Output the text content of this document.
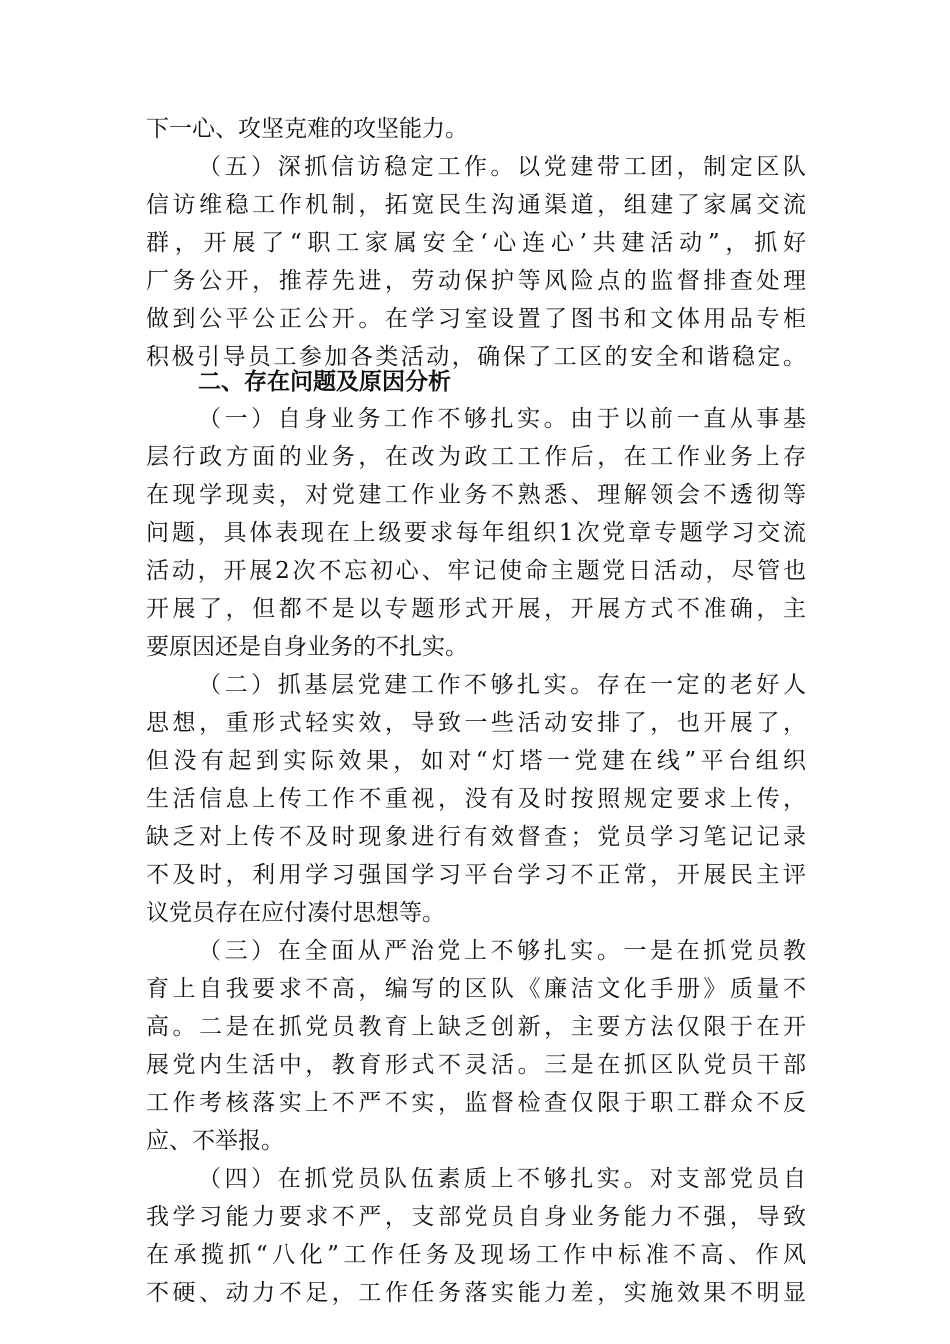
下一心、攻坚克难的攻坚能力。
（五）深抓信访稳定工作。以党建带工团，制定区队
信访维稳工作机制，拓宽民生沟通渠道，组建了家属交流
群，开展了“职工家属安全‘心连心’共建活动”，抓好
厂务公开，推荐先进，劳动保护等风险点的监督排查处理
做到公平公正公开。在学习室设置了图书和文体用品专柜
积极引导员工参加各类活动，确保了工区的安全和谐稳定。
二、存在问题及原因分析
（一）自身业务工作不够扎实。由于以前一直从事基
层行政方面的业务，在改为政工工作后，在工作业务上存
在现学现卖，对党建工作业务不熟悉、理解领会不透彻等
问题，具体表现在上级要求每年组织1次党章专题学习交流
活动，开展2次不忘初心、牢记使命主题党日活动，尽管也
开展了，但都不是以专题形式开展，开展方式不准确，主
要原因还是自身业务的不扎实。
（二）抓基层党建工作不够扎实。存在一定的老好人
思想，重形式轻实效，导致一些活动安排了，也开展了，
但没有起到实际效果，如对“灯塔一党建在线”平台组织
生活信息上传工作不重视，没有及时按照规定要求上传，
缺乏对上传不及时现象进行有效督查；党员学习笔记记录
不及时，利用学习强国学习平台学习不正常，开展民主评
议党员存在应付凑付思想等。
（三）在全面从严治党上不够扎实。一是在抓党员教
育上自我要求不高，编写的区队《廉洁文化手册》质量不
高。二是在抓党员教育上缺乏创新，主要方法仅限于在开
展党内生活中，教育形式不灵活。三是在抓区队党员干部
工作考核落实上不严不实，监督检查仅限于职工群众不反
应、不举报。
（四）在抓党员队伍素质上不够扎实。对支部党员自
我学习能力要求不严，支部党员自身业务能力不强，导致
在承揽抓“八化”工作任务及现场工作中标准不高、作风
不硬、动力不足，工作任务落实能力差，实施效果不明显
